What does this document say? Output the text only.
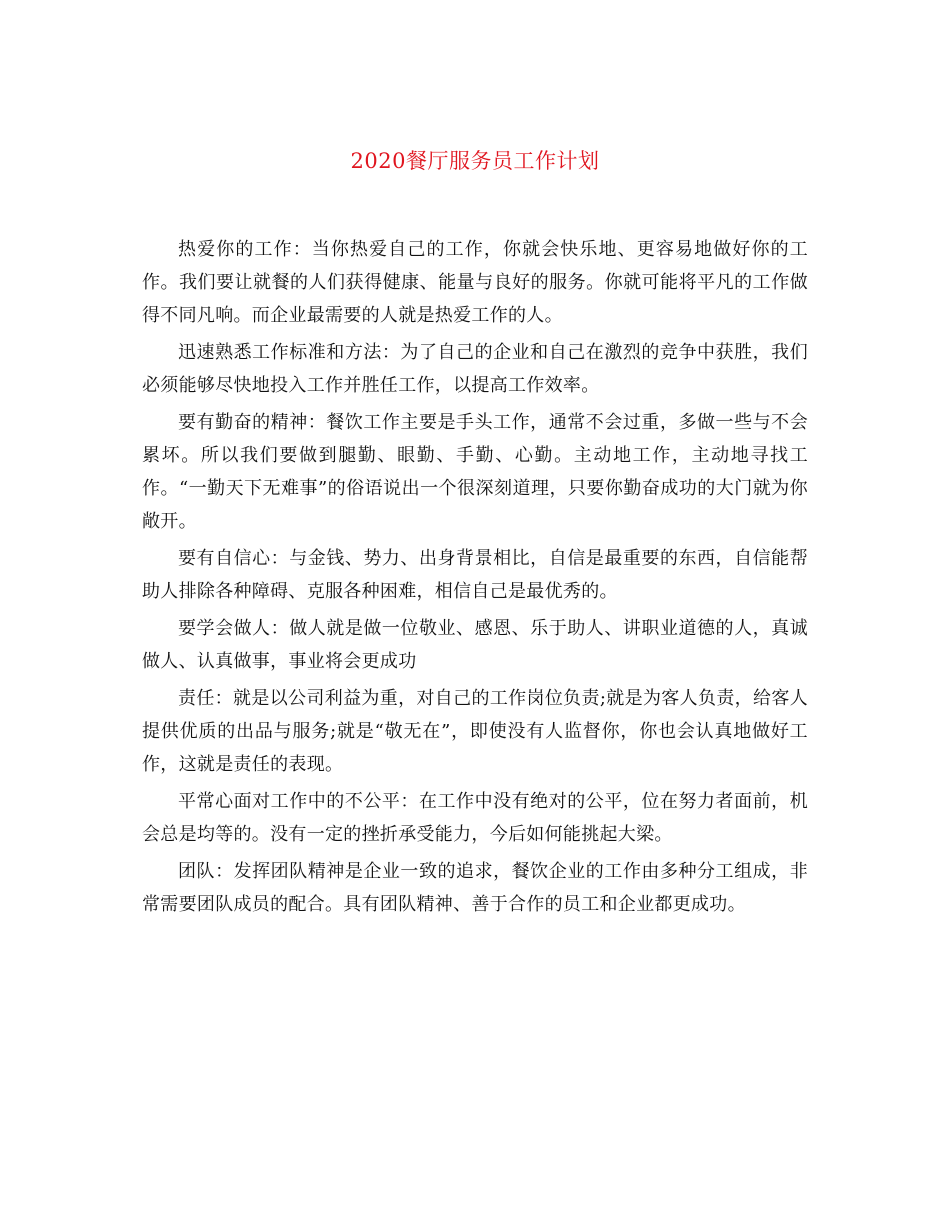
2020餐厅服务员工作计划

热爱你的工作：当你热爱自己的工作，你就会快乐地、更容易地做好你的工作。我们要让就餐的人们获得健康、能量与良好的服务。你就可能将平凡的工作做得不同凡响。而企业最需要的人就是热爱工作的人。

迅速熟悉工作标准和方法：为了自己的企业和自己在激烈的竞争中获胜，我们必须能够尽快地投入工作并胜任工作，以提高工作效率。

要有勤奋的精神：餐饮工作主要是手头工作，通常不会过重，多做一些与不会累坏。所以我们要做到腿勤、眼勤、手勤、心勤。主动地工作，主动地寻找工作。“一勤天下无难事”的俗语说出一个很深刻道理，只要你勤奋成功的大门就为你敞开。

要有自信心：与金钱、势力、出身背景相比，自信是最重要的东西，自信能帮助人排除各种障碍、克服各种困难，相信自己是最优秀的。

要学会做人：做人就是做一位敬业、感恩、乐于助人、讲职业道德的人，真诚做人、认真做事，事业将会更成功

责任：就是以公司利益为重，对自己的工作岗位负责;就是为客人负责，给客人提供优质的出品与服务;就是“敬无在”，即使没有人监督你，你也会认真地做好工作，这就是责任的表现。

平常心面对工作中的不公平：在工作中没有绝对的公平，位在努力者面前，机会总是均等的。没有一定的挫折承受能力，今后如何能挑起大梁。

团队：发挥团队精神是企业一致的追求，餐饮企业的工作由多种分工组成，非常需要团队成员的配合。具有团队精神、善于合作的员工和企业都更成功。
